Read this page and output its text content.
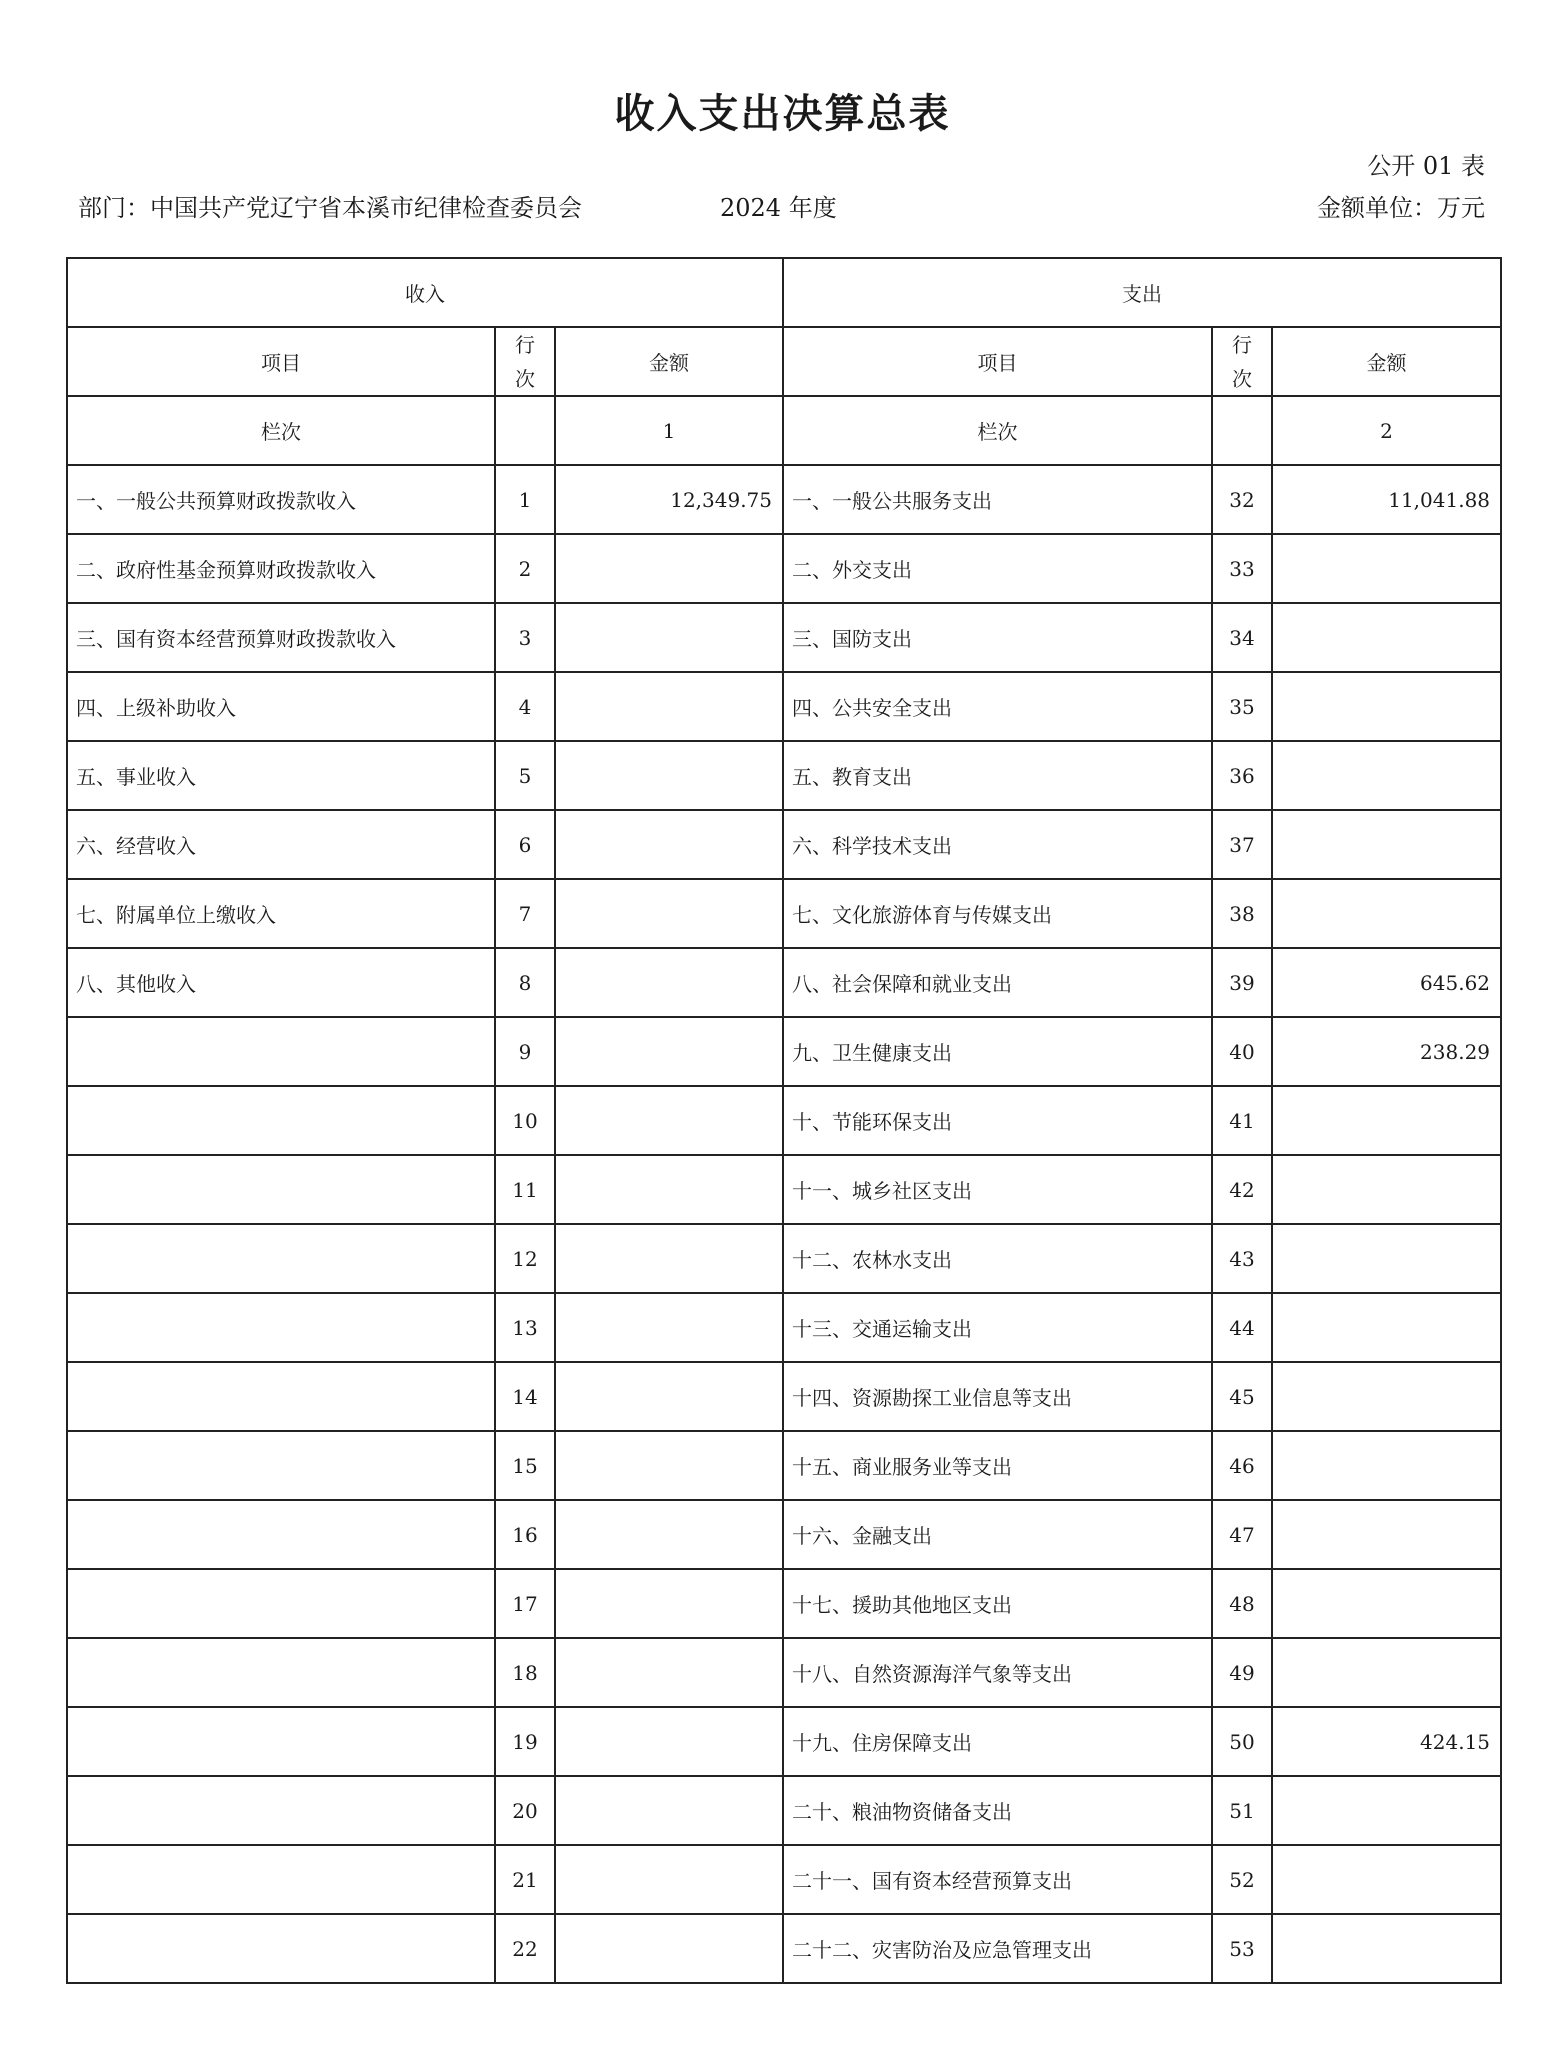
收入支出决算总表
公开 01 表
部门：中国共产党辽宁省本溪市纪律检查委员会	2024 年度	金额单位：万元
收入			支出		
项目	行次	金额	项目	行次	金额
栏次		1	栏次		2
一、一般公共预算财政拨款收入	1	12,349.75	一、一般公共服务支出	32	11,041.88
二、政府性基金预算财政拨款收入	2		二、外交支出	33	
三、国有资本经营预算财政拨款收入	3		三、国防支出	34	
四、上级补助收入	4		四、公共安全支出	35	
五、事业收入	5		五、教育支出	36	
六、经营收入	6		六、科学技术支出	37	
七、附属单位上缴收入	7		七、文化旅游体育与传媒支出	38	
八、其他收入	8		八、社会保障和就业支出	39	645.62
	9		九、卫生健康支出	40	238.29
	10		十、节能环保支出	41	
	11		十一、城乡社区支出	42	
	12		十二、农林水支出	43	
	13		十三、交通运输支出	44	
	14		十四、资源勘探工业信息等支出	45	
	15		十五、商业服务业等支出	46	
	16		十六、金融支出	47	
	17		十七、援助其他地区支出	48	
	18		十八、自然资源海洋气象等支出	49	
	19		十九、住房保障支出	50	424.15
	20		二十、粮油物资储备支出	51	
	21		二十一、国有资本经营预算支出	52	
	22		二十二、灾害防治及应急管理支出	53	
